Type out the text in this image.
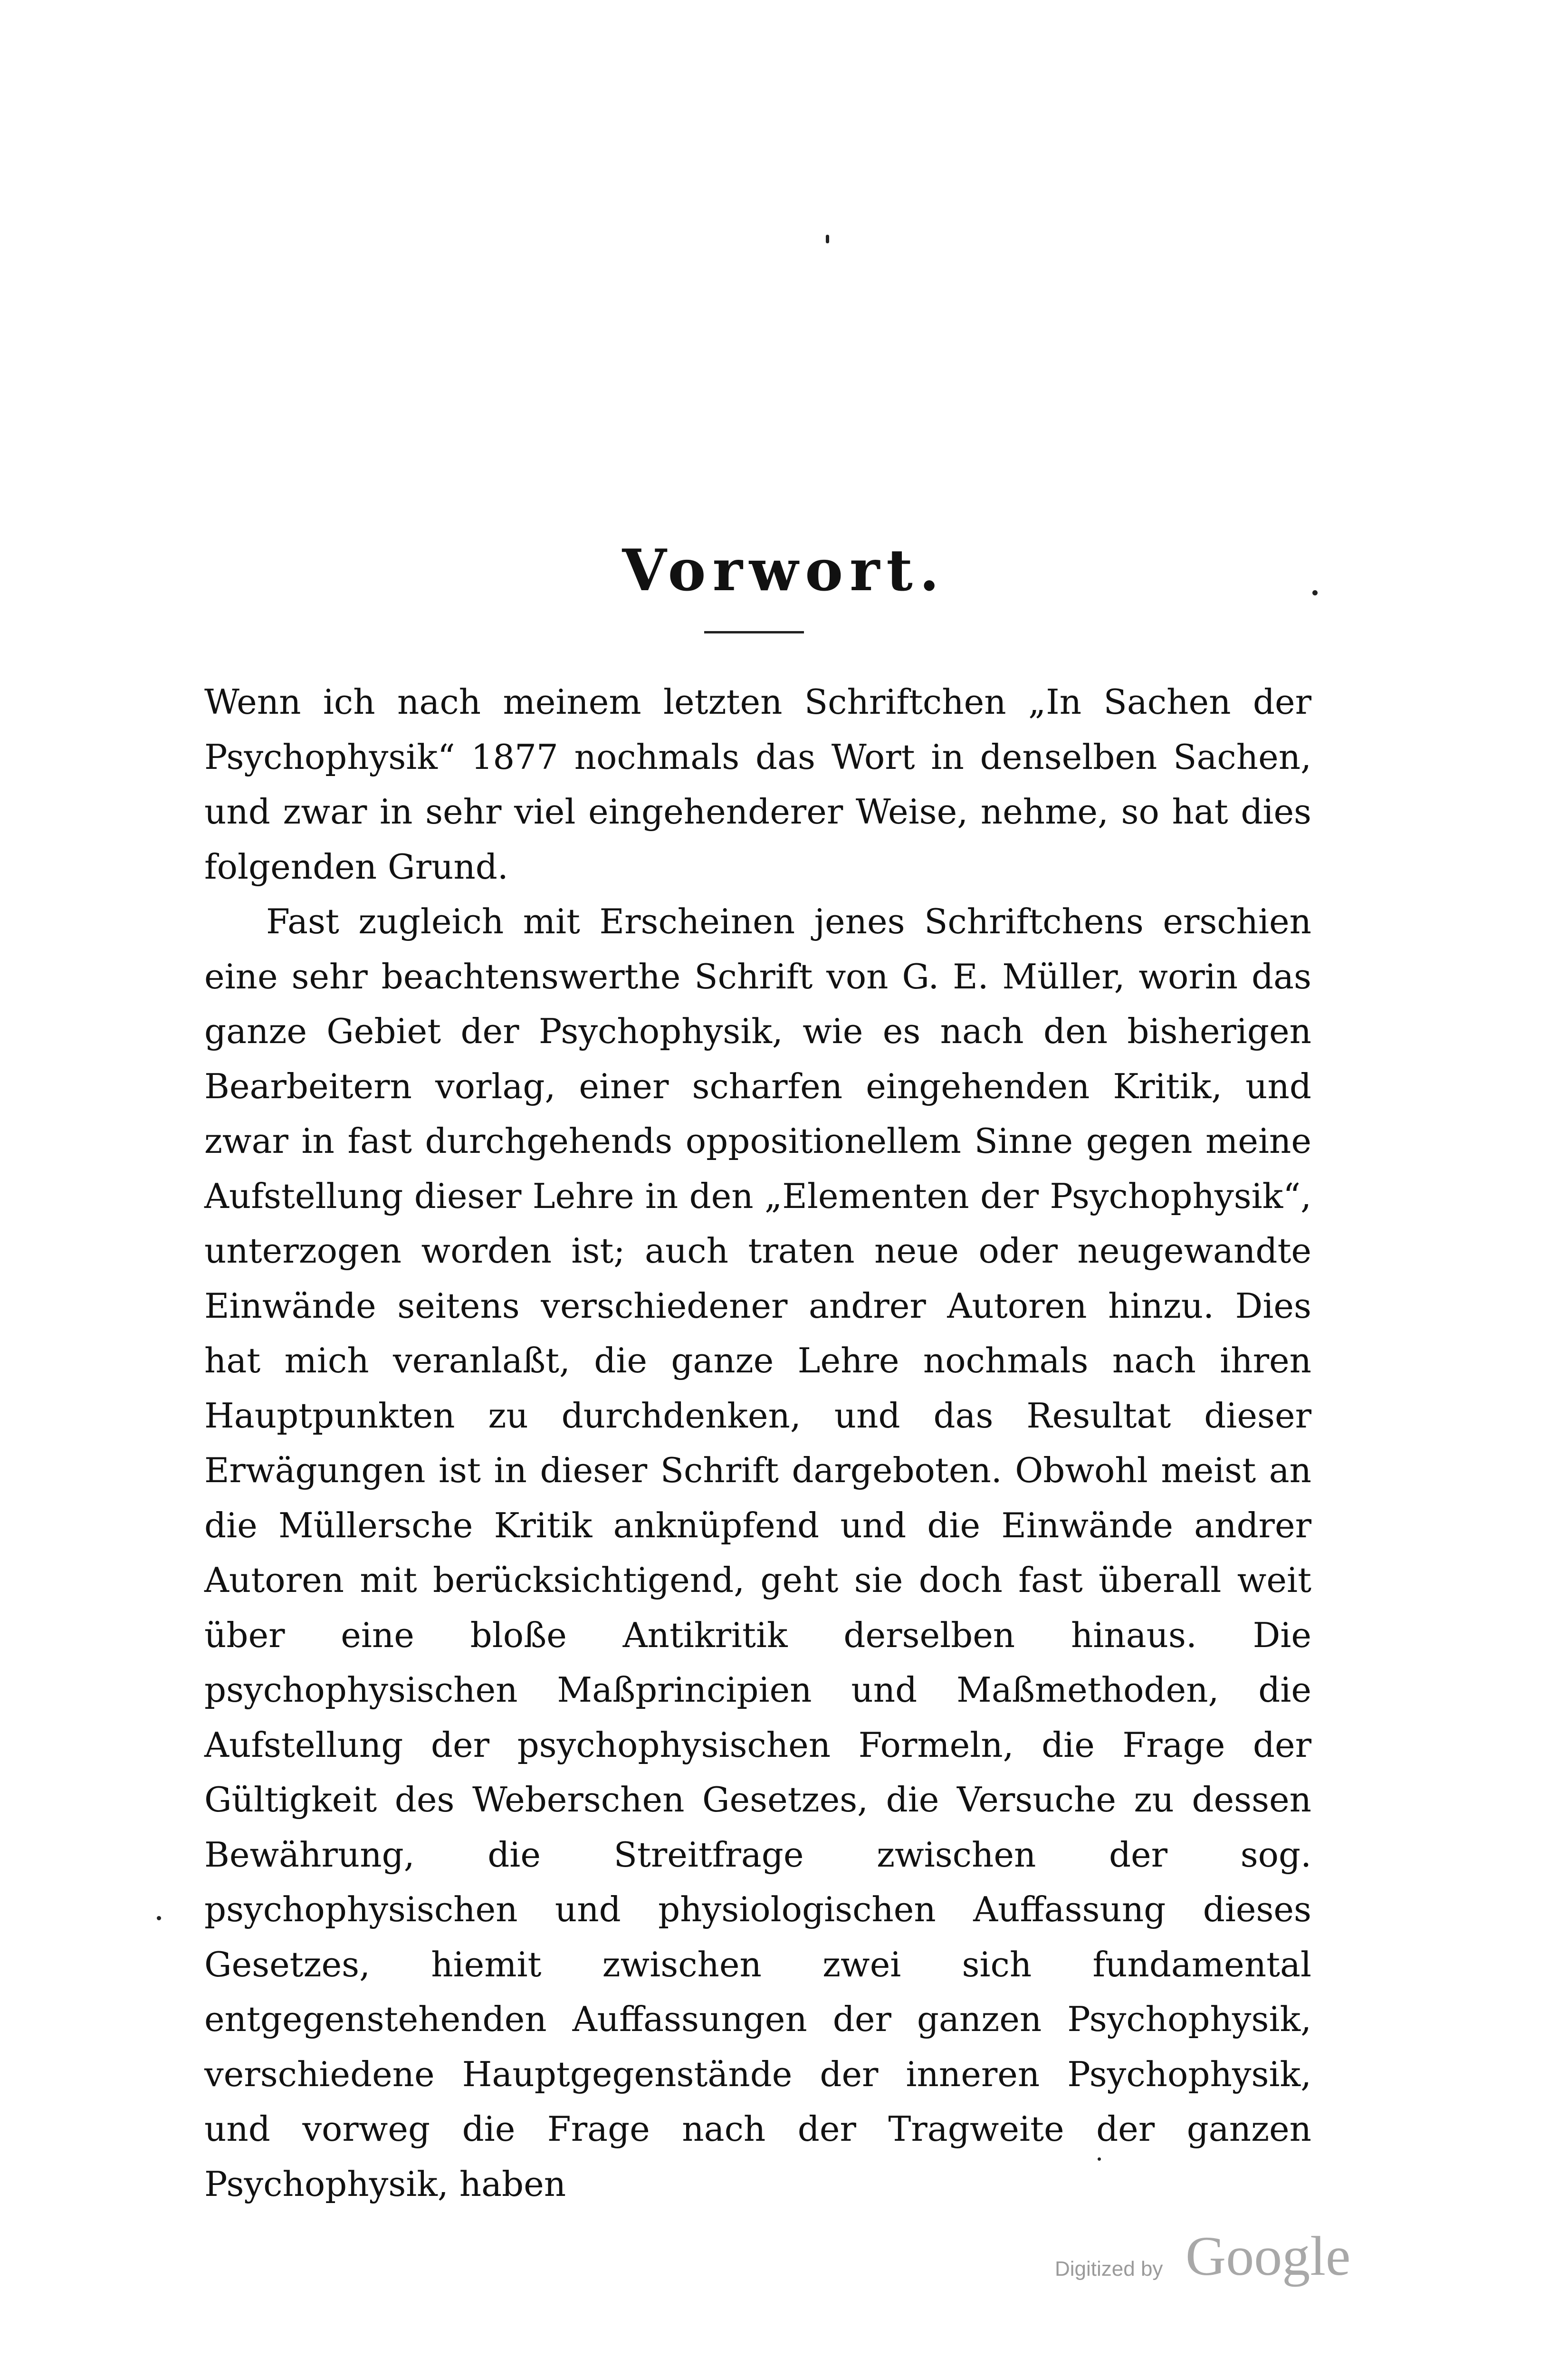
Vorwort.

Wenn ich nach meinem letzten Schriftchen „In Sachen der Psychophysik“ 1877 nochmals das Wort in denselben Sachen, und zwar in sehr viel eingehenderer Weise, nehme, so hat dies folgenden Grund.

Fast zugleich mit Erscheinen jenes Schriftchens erschien eine sehr beachtenswerthe Schrift von G. E. Müller, worin das ganze Gebiet der Psychophysik, wie es nach den bisherigen Bearbeitern vorlag, einer scharfen eingehenden Kritik, und zwar in fast durchgehends oppositionellem Sinne gegen meine Aufstellung dieser Lehre in den „Elementen der Psychophysik“, unterzogen worden ist; auch traten neue oder neugewandte Einwände seitens verschiedener andrer Autoren hinzu. Dies hat mich veranlaßt, die ganze Lehre nochmals nach ihren Hauptpunkten zu durchdenken, und das Resultat dieser Erwägungen ist in dieser Schrift dargeboten. Obwohl meist an die Müllersche Kritik anknüpfend und die Einwände andrer Autoren mit berücksichtigend, geht sie doch fast überall weit über eine bloße Antikritik derselben hinaus. Die psychophysischen Maßprincipien und Maßmethoden, die Aufstellung der psychophysischen Formeln, die Frage der Gültigkeit des Weberschen Gesetzes, die Versuche zu dessen Bewährung, die Streitfrage zwischen der sog. psychophysischen und physiologischen Auffassung dieses Gesetzes, hiemit zwischen zwei sich fundamental entgegenstehenden Auffassungen der ganzen Psychophysik, verschiedene Hauptgegenstände der inneren Psychophysik, und vorweg die Frage nach der Tragweite der ganzen Psychophysik, haben

Digitized by Google
